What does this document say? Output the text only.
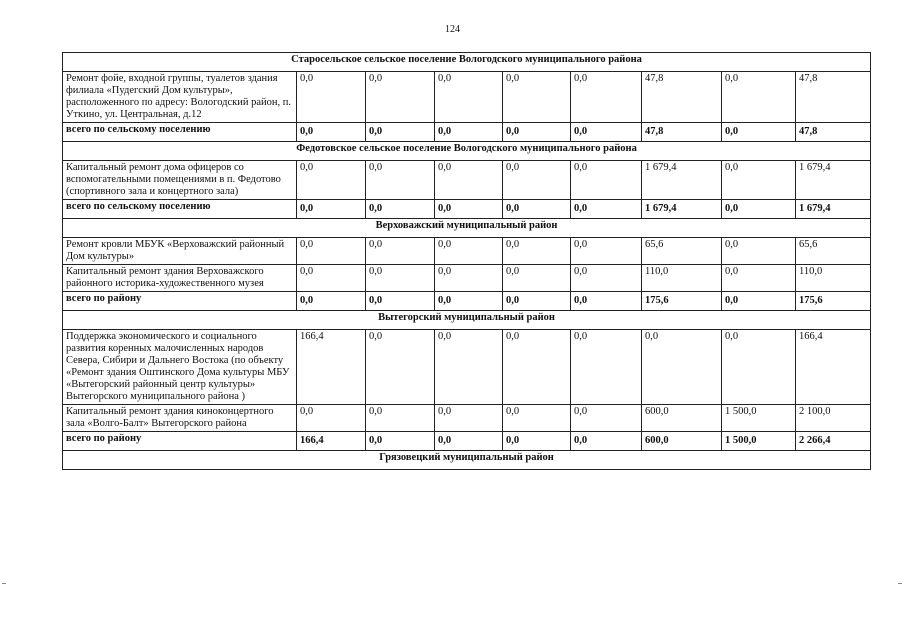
124
Старосельское сельское поселение Вологодского муниципального района								
Ремонт фойе, входной группы, туалетов здания филиала «Пудегский Дом культуры», расположенного по адресу: Вологодский район, п. Уткино, ул. Центральная, д.12	0,0	0,0	0,0	0,0	0,0	47,8	0,0	47,8
всего по сельскому поселению	0,0	0,0	0,0	0,0	0,0	47,8	0,0	47,8
Федотовское сельское поселение Вологодского муниципального района								
Капитальный ремонт дома офицеров со вспомогательными помещениями в п. Федотово (спортивного зала и концертного зала)	0,0	0,0	0,0	0,0	0,0	1 679,4	0,0	1 679,4
всего по сельскому поселению	0,0	0,0	0,0	0,0	0,0	1 679,4	0,0	1 679,4
Верховажский муниципальный район								
Ремонт кровли МБУК «Верховажский районный Дом культуры»	0,0	0,0	0,0	0,0	0,0	65,6	0,0	65,6
Капитальный ремонт здания Верховажского районного историка-художественного музея	0,0	0,0	0,0	0,0	0,0	110,0	0,0	110,0
всего по району	0,0	0,0	0,0	0,0	0,0	175,6	0,0	175,6
Вытегорский муниципальный район								
Поддержка экономического и социального развития коренных малочисленных народов Севера, Сибири и Дальнего Востока (по объекту «Ремонт здания Оштинского Дома культуры МБУ «Вытегорский районный центр культуры» Вытегорского муниципального района )	166,4	0,0	0,0	0,0	0,0	0,0	0,0	166,4
Капитальный ремонт здания киноконцертного зала «Волго-Балт» Вытегорского района	0,0	0,0	0,0	0,0	0,0	600,0	1 500,0	2 100,0
всего по району	166,4	0,0	0,0	0,0	0,0	600,0	1 500,0	2 266,4
Грязовецкий муниципальный район								
